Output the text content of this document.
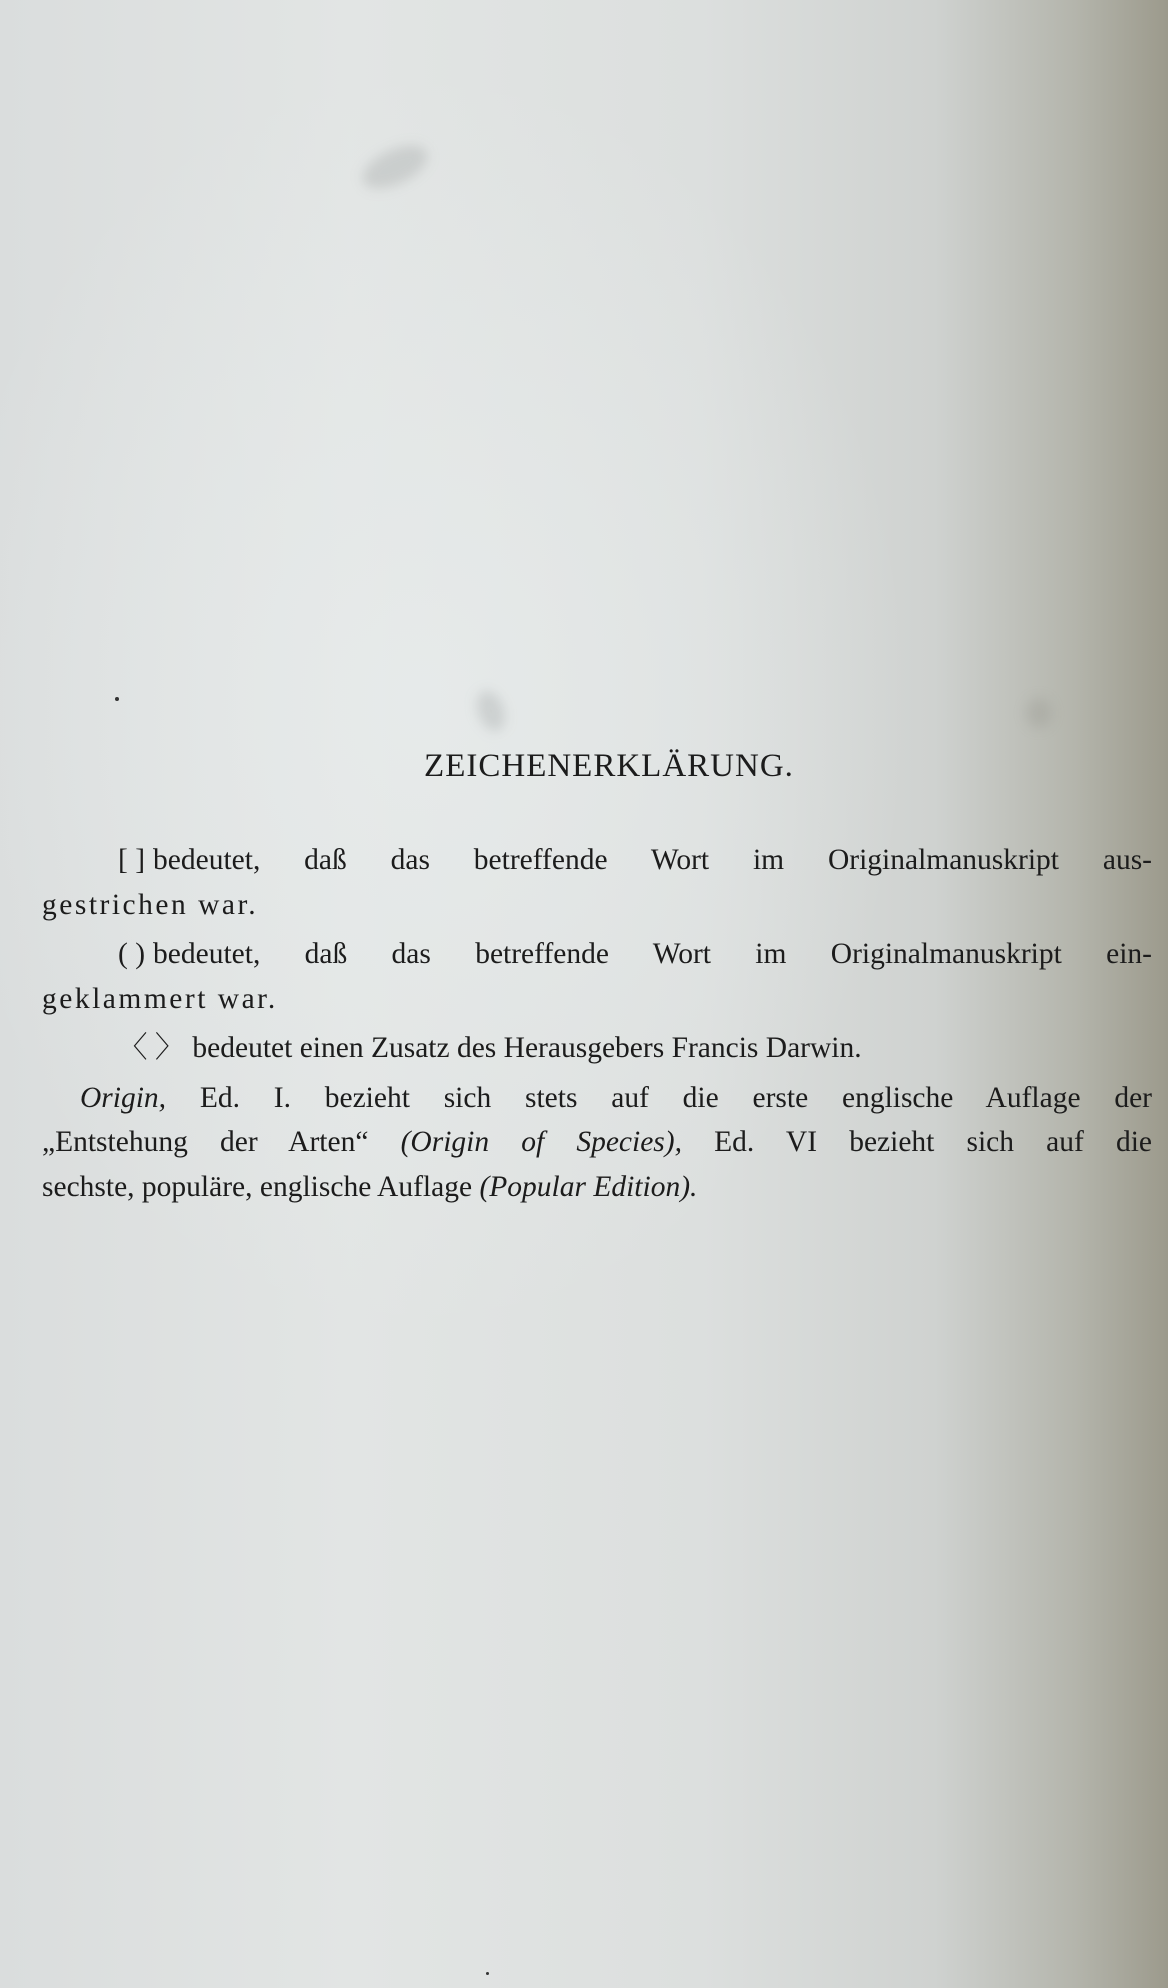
ZEICHENERKLÄRUNG.

[ ] bedeutet, daß das betreffende Wort im Originalmanuskript aus-
gestrichen war.

( ) bedeutet, daß das betreffende Wort im Originalmanuskript ein-
geklammert war.

〈 〉 bedeutet einen Zusatz des Herausgebers Francis Darwin.

Origin, Ed. I. bezieht sich stets auf die erste englische Auflage der
„Entstehung der Arten“ (Origin of Species), Ed. VI bezieht sich auf die
sechste, populäre, englische Auflage (Popular Edition).
